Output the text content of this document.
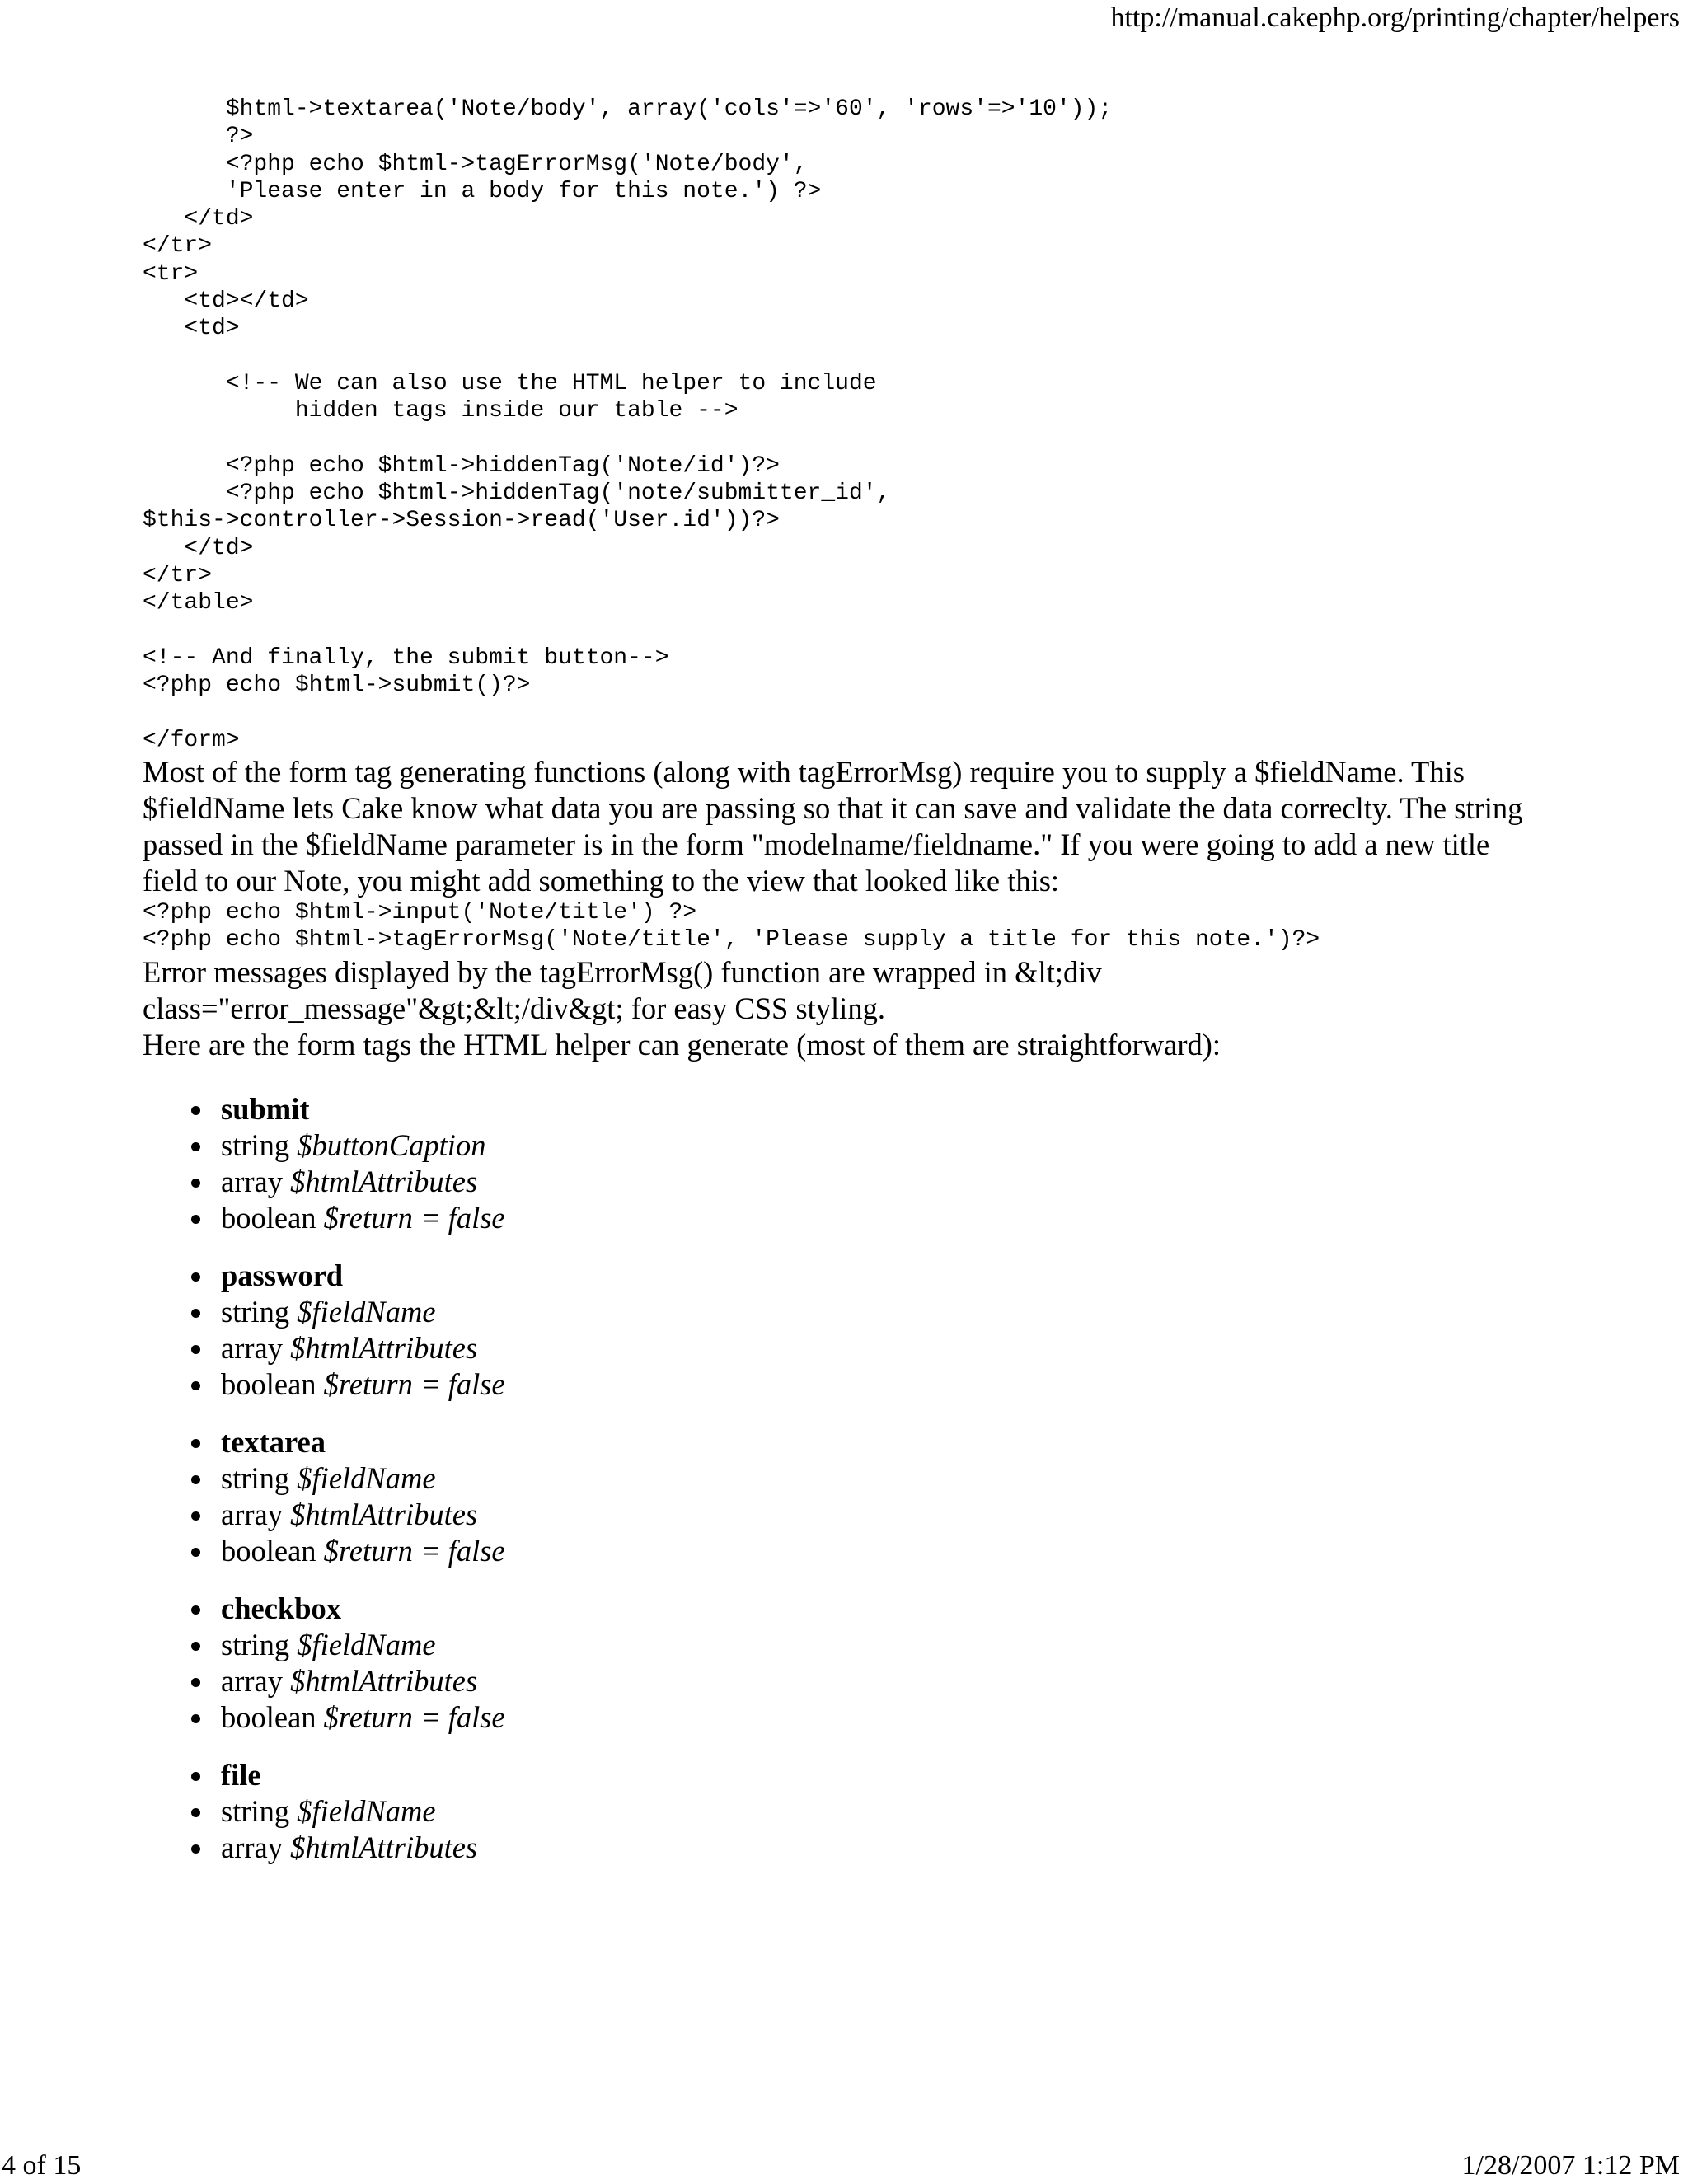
http://manual.cakephp.org/printing/chapter/helpers
$html->textarea('Note/body', array('cols'=>'60', 'rows'=>'10'));
?>
<?php echo $html->tagErrorMsg('Note/body',
'Please enter in a body for this note.') ?>
</td>
</tr>
<tr>
<td></td>
<td>

<!-- We can also use the HTML helper to include
hidden tags inside our table -->

<?php echo $html->hiddenTag('Note/id')?>
<?php echo $html->hiddenTag('note/submitter_id',
$this->controller->Session->read('User.id'))?>
</td>
</tr>
</table>

<!-- And finally, the submit button-->
<?php echo $html->submit()?>

</form>

Most of the form tag generating functions (along with tagErrorMsg) require you to supply a $fieldName. This $fieldName lets Cake know what data you are passing so that it can save and validate the data correclty. The string passed in the $fieldName parameter is in the form "modelname/fieldname." If you were going to add a new title field to our Note, you might add something to the view that looked like this:

<?php echo $html->input('Note/title') ?>
<?php echo $html->tagErrorMsg('Note/title', 'Please supply a title for this note.')?>

Error messages displayed by the tagErrorMsg() function are wrapped in &lt;div class="error_message"&gt;&lt;/div&gt; for easy CSS styling.

Here are the form tags the HTML helper can generate (most of them are straightforward):

submit
string $buttonCaption
array $htmlAttributes
boolean $return = false
password
string $fieldName
array $htmlAttributes
boolean $return = false
textarea
string $fieldName
array $htmlAttributes
boolean $return = false
checkbox
string $fieldName
array $htmlAttributes
boolean $return = false
file
string $fieldName
array $htmlAttributes
4 of 15	1/28/2007 1:12 PM
